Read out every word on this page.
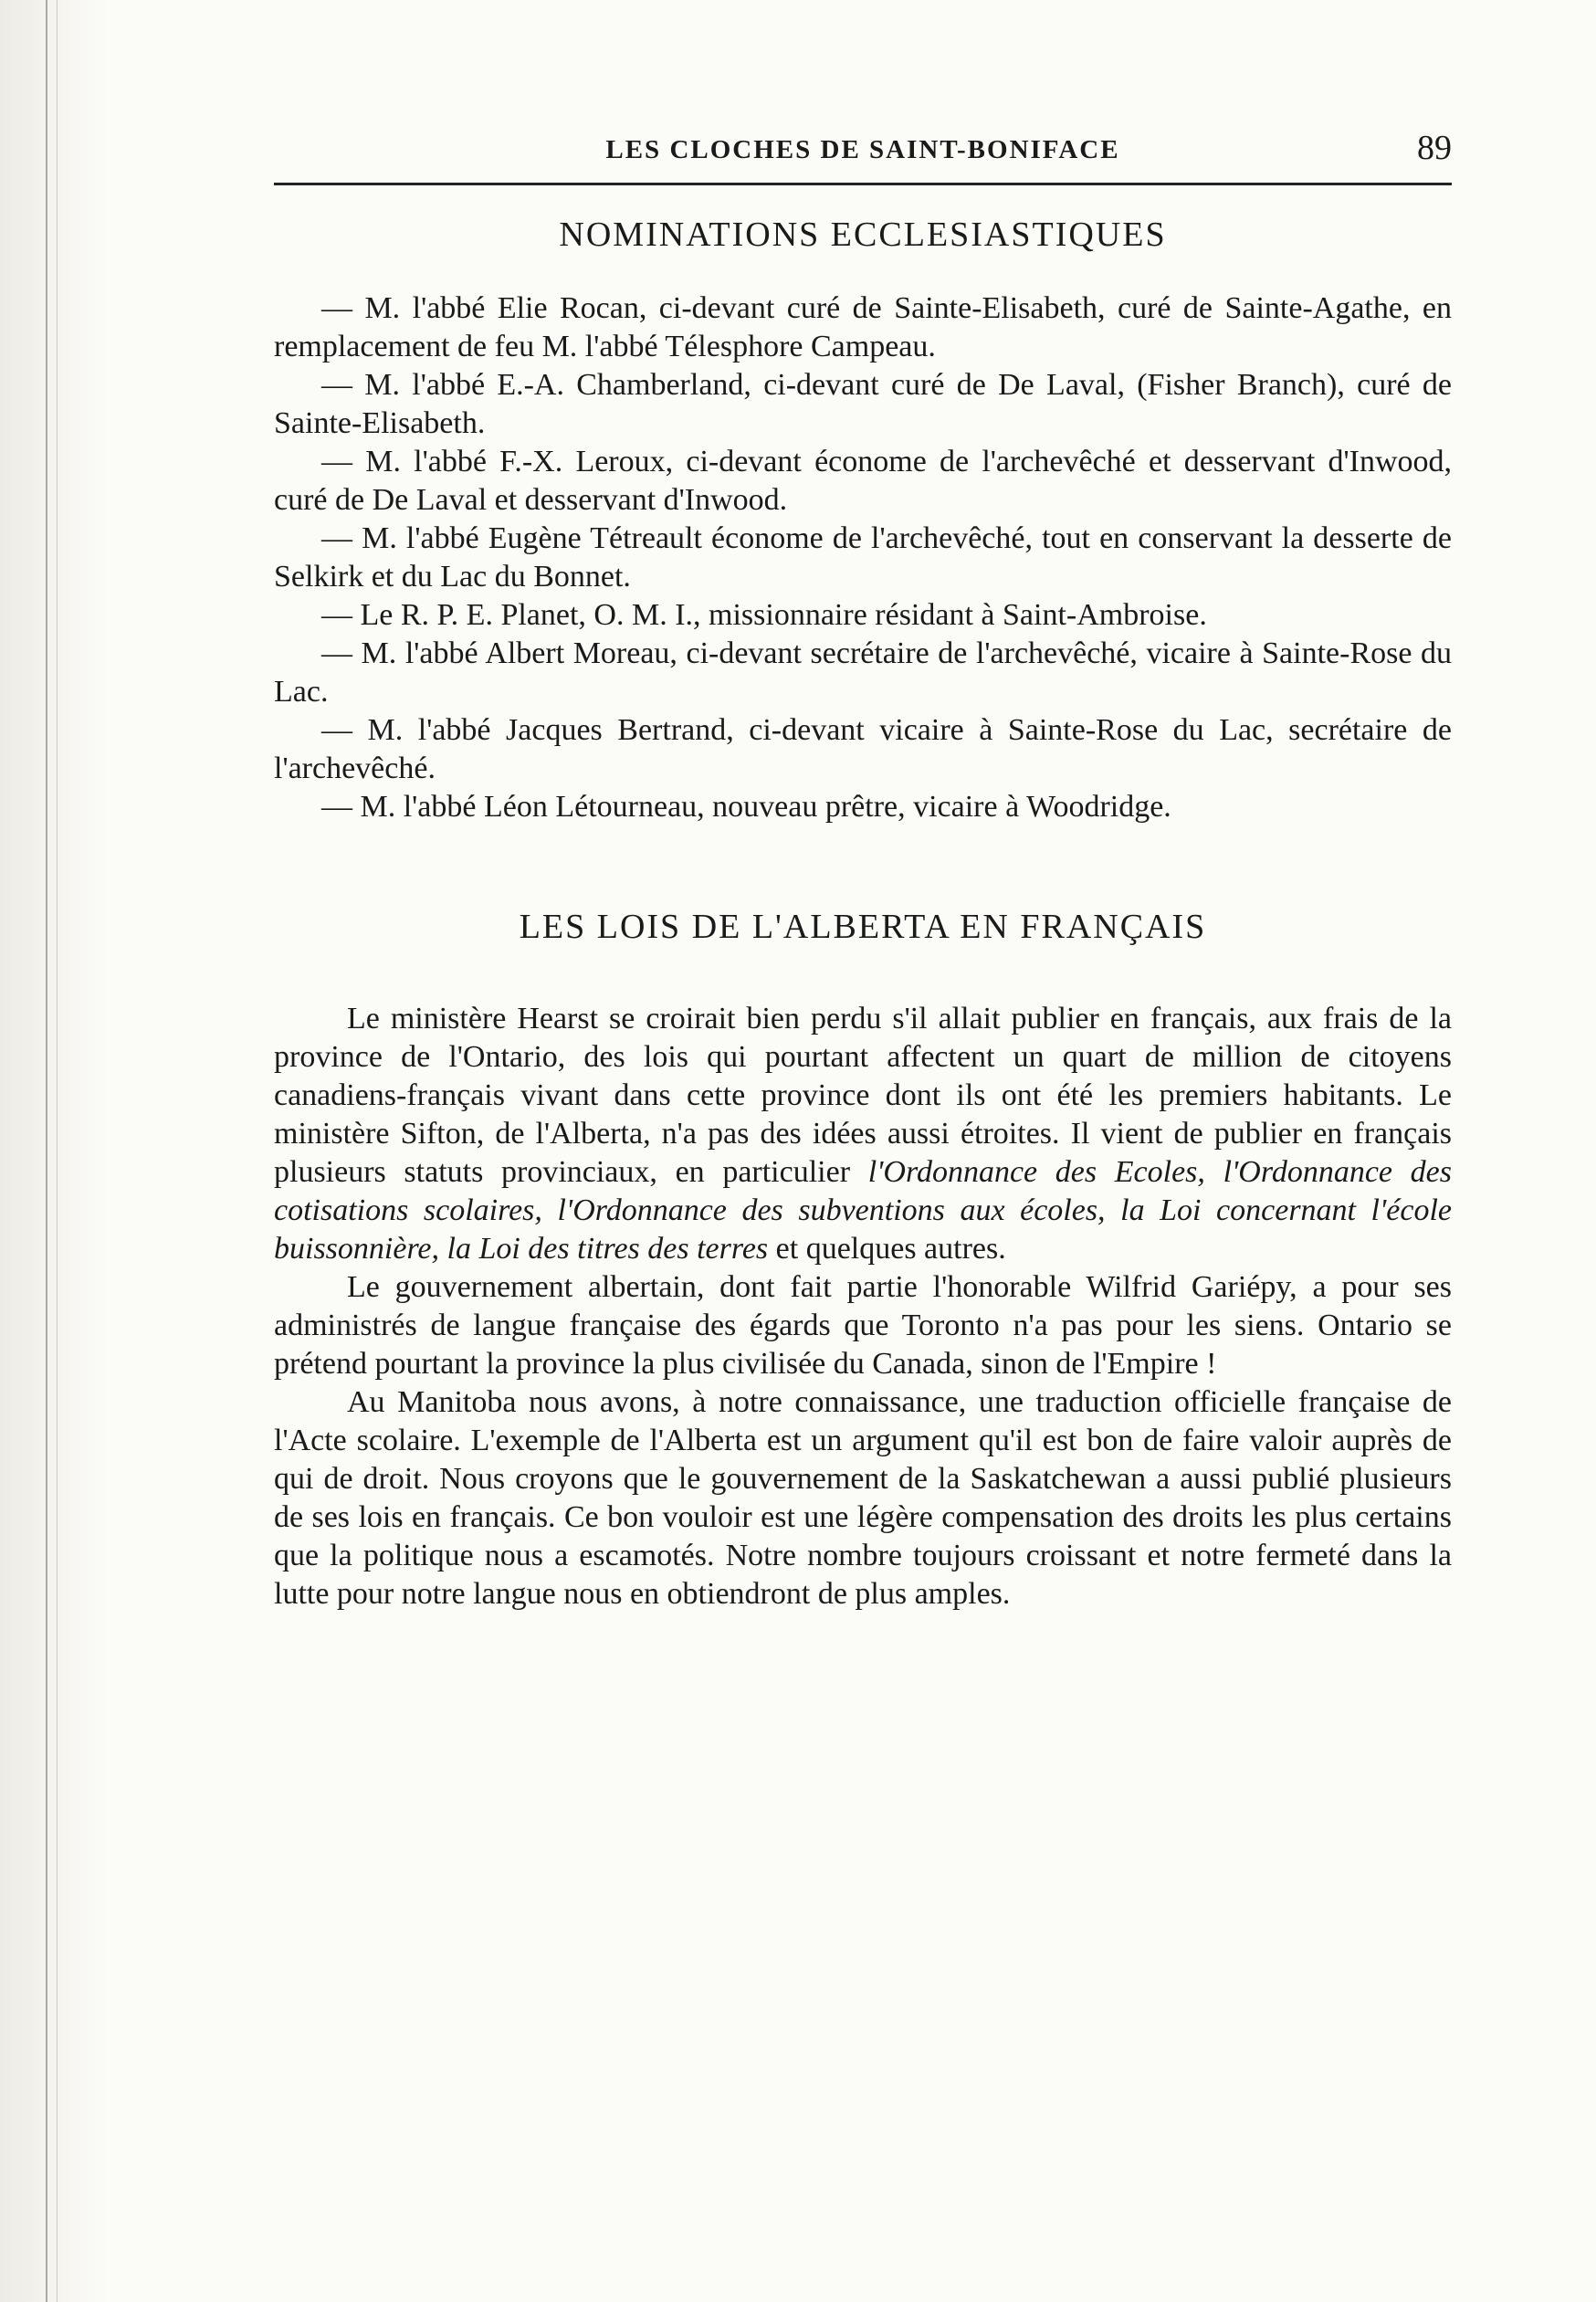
LES CLOCHES DE SAINT-BONIFACE	89
NOMINATIONS ECCLESIASTIQUES

— M. l'abbé Elie Rocan, ci-devant curé de Sainte-Elisabeth, curé de Sainte-Agathe, en remplacement de feu M. l'abbé Télesphore Campeau.

— M. l'abbé E.-A. Chamberland, ci-devant curé de De Laval, (Fisher Branch), curé de Sainte-Elisabeth.

— M. l'abbé F.-X. Leroux, ci-devant économe de l'archevêché et desservant d'Inwood, curé de De Laval et desservant d'Inwood.

— M. l'abbé Eugène Tétreault économe de l'archevêché, tout en conservant la desserte de Selkirk et du Lac du Bonnet.

— Le R. P. E. Planet, O. M. I., missionnaire résidant à Saint-Ambroise.

— M. l'abbé Albert Moreau, ci-devant secrétaire de l'archevêché, vicaire à Sainte-Rose du Lac.

— M. l'abbé Jacques Bertrand, ci-devant vicaire à Sainte-Rose du Lac, secrétaire de l'archevêché.

— M. l'abbé Léon Létourneau, nouveau prêtre, vicaire à Woodridge.

LES LOIS DE L'ALBERTA EN FRANÇAIS

Le ministère Hearst se croirait bien perdu s'il allait publier en français, aux frais de la province de l'Ontario, des lois qui pourtant affectent un quart de million de citoyens canadiens-français vivant dans cette province dont ils ont été les premiers habitants. Le ministère Sifton, de l'Alberta, n'a pas des idées aussi étroites. Il vient de publier en français plusieurs statuts provinciaux, en particulier l'Ordonnance des Ecoles, l'Ordonnance des cotisations scolaires, l'Ordonnance des subventions aux écoles, la Loi concernant l'école buissonnière, la Loi des titres des terres et quelques autres.

Le gouvernement albertain, dont fait partie l'honorable Wilfrid Gariépy, a pour ses administrés de langue française des égards que Toronto n'a pas pour les siens. Ontario se prétend pourtant la province la plus civilisée du Canada, sinon de l'Empire !

Au Manitoba nous avons, à notre connaissance, une traduction officielle française de l'Acte scolaire. L'exemple de l'Alberta est un argument qu'il est bon de faire valoir auprès de qui de droit. Nous croyons que le gouvernement de la Saskatchewan a aussi publié plusieurs de ses lois en français. Ce bon vouloir est une légère compensation des droits les plus certains que la politique nous a escamotés. Notre nombre toujours croissant et notre fermeté dans la lutte pour notre langue nous en obtiendront de plus amples.
